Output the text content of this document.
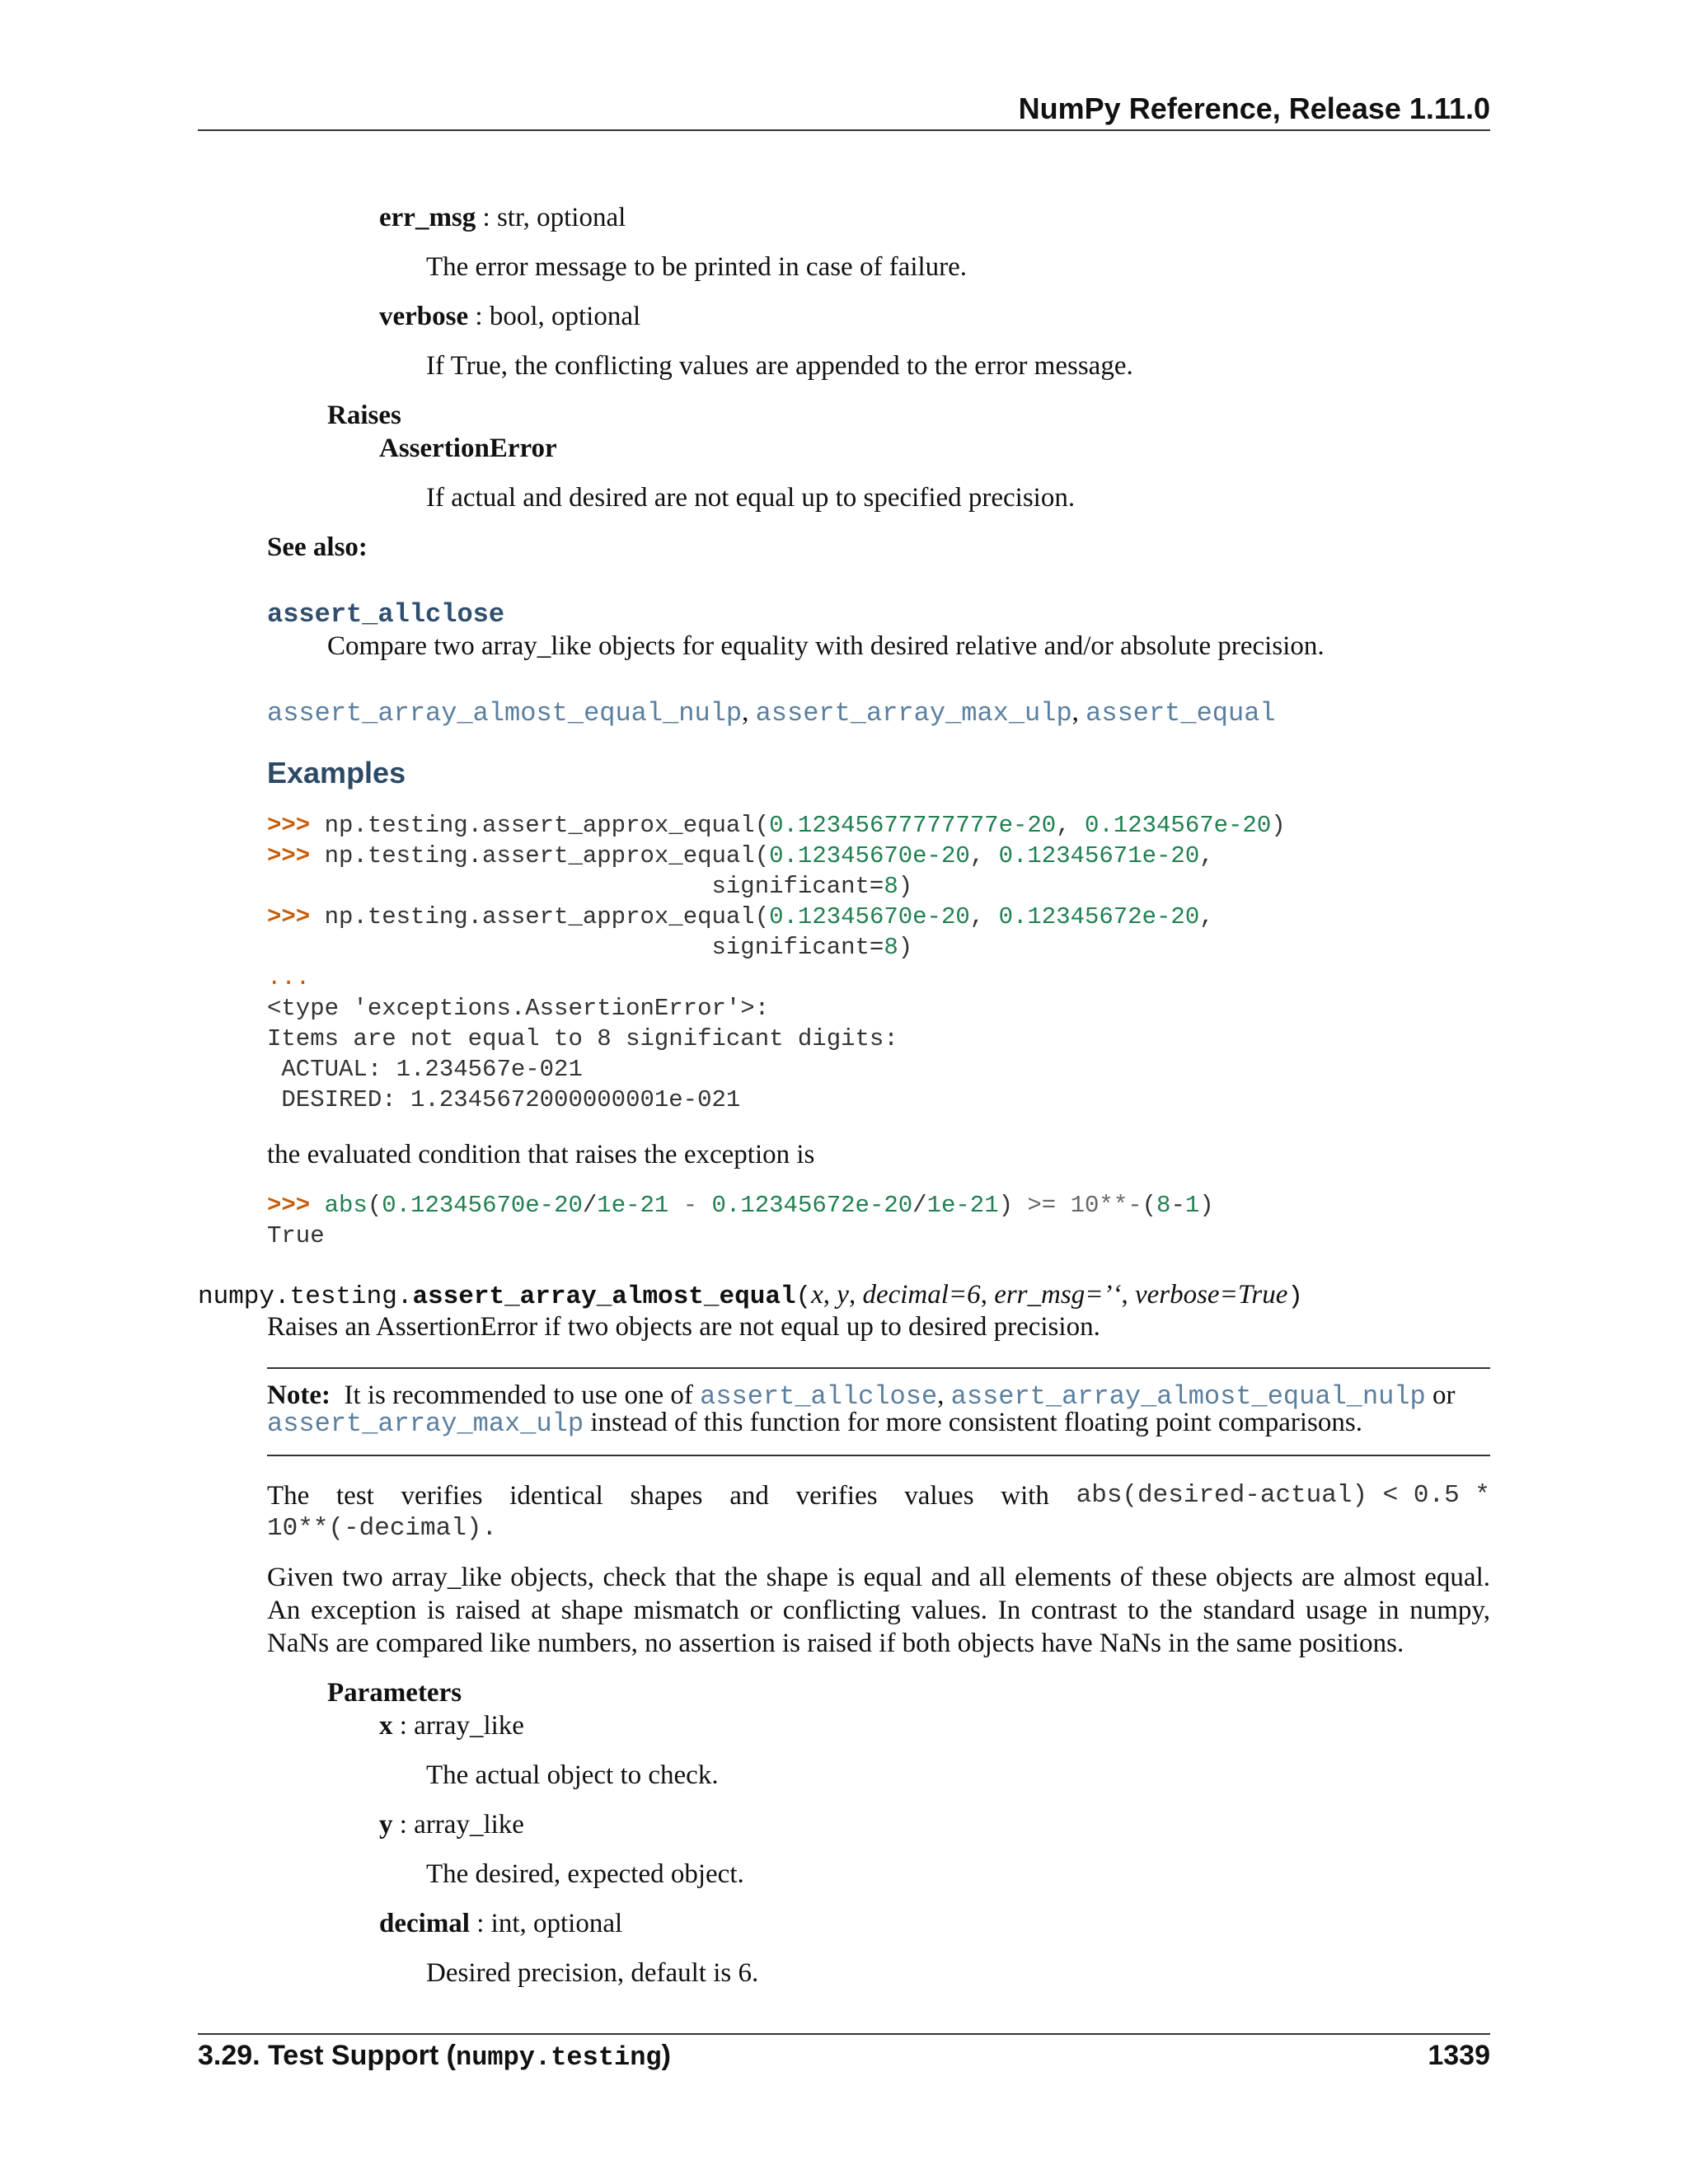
NumPy Reference, Release 1.11.0
err_msg : str, optional
The error message to be printed in case of failure.
verbose : bool, optional
If True, the conflicting values are appended to the error message.
Raises
AssertionError
If actual and desired are not equal up to specified precision.
See also:
assert_allclose
Compare two array_like objects for equality with desired relative and/or absolute precision.
assert_array_almost_equal_nulp, assert_array_max_ulp, assert_equal
Examples
>>> np.testing.assert_approx_equal(0.12345677777777e-20, 0.1234567e-20)
>>> np.testing.assert_approx_equal(0.12345670e-20, 0.12345671e-20,
significant=8)
>>> np.testing.assert_approx_equal(0.12345670e-20, 0.12345672e-20,
significant=8)
...
<type 'exceptions.AssertionError'>:
Items are not equal to 8 significant digits:
ACTUAL: 1.234567e-021
DESIRED: 1.2345672000000001e-021
the evaluated condition that raises the exception is
>>> abs(0.12345670e-20/1e-21 - 0.12345672e-20/1e-21) >= 10**-(8-1)
True
numpy.testing.assert_array_almost_equal(x, y, decimal=6, err_msg=’‘, verbose=True)
Raises an AssertionError if two objects are not equal up to desired precision.
Note: It is recommended to use one of assert_allclose, assert_array_almost_equal_nulp or
assert_array_max_ulp instead of this function for more consistent floating point comparisons.
The test verifies identical shapes and verifies values with abs(desired-actual) < 0.5 *
10**(-decimal).
Given two array_like objects, check that the shape is equal and all elements of these objects are almost equal.
An exception is raised at shape mismatch or conflicting values. In contrast to the standard usage in numpy,
NaNs are compared like numbers, no assertion is raised if both objects have NaNs in the same positions.
Parameters
x : array_like
The actual object to check.
y : array_like
The desired, expected object.
decimal : int, optional
Desired precision, default is 6.
3.29. Test Support (numpy.testing)	1339
